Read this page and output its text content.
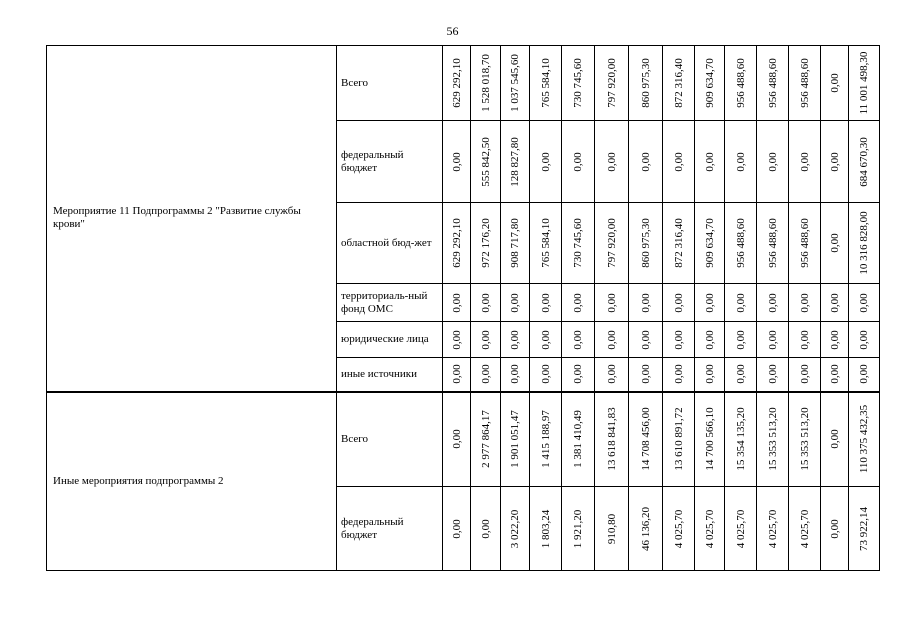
56
Мероприятие 11 Подпрограммы 2 "Развитие службы крови"	Всего	629 292,10	1 528 018,70	1 037 545,60	765 584,10	730 745,60	797 920,00	860 975,30	872 316,40	909 634,70	956 488,60	956 488,60	956 488,60	0,00	11 001 498,30

	федеральный бюджет	0,00	555 842,50	128 827,80	0,00	0,00	0,00	0,00	0,00	0,00	0,00	0,00	0,00	0,00	684 670,30

	областной бюд-жет	629 292,10	972 176,20	908 717,80	765 584,10	730 745,60	797 920,00	860 975,30	872 316,40	909 634,70	956 488,60	956 488,60	956 488,60	0,00	10 316 828,00

	территориаль-ный фонд ОМС	0,00	0,00	0,00	0,00	0,00	0,00	0,00	0,00	0,00	0,00	0,00	0,00	0,00	0,00

	юридические лица	0,00	0,00	0,00	0,00	0,00	0,00	0,00	0,00	0,00	0,00	0,00	0,00	0,00	0,00

	иные источники	0,00	0,00	0,00	0,00	0,00	0,00	0,00	0,00	0,00	0,00	0,00	0,00	0,00	0,00

Иные мероприятия подпрограммы 2	Всего	0,00	2 977 864,17	1 901 051,47	1 415 188,97	1 381 410,49	13 618 841,83	14 708 456,00	13 610 891,72	14 700 566,10	15 354 135,20	15 353 513,20	15 353 513,20	0,00	110 375 432,35

	федеральный бюджет	0,00	0,00	3 022,20	1 803,24	1 921,20	910,80	46 136,20	4 025,70	4 025,70	4 025,70	4 025,70	4 025,70	0,00	73 922,14
